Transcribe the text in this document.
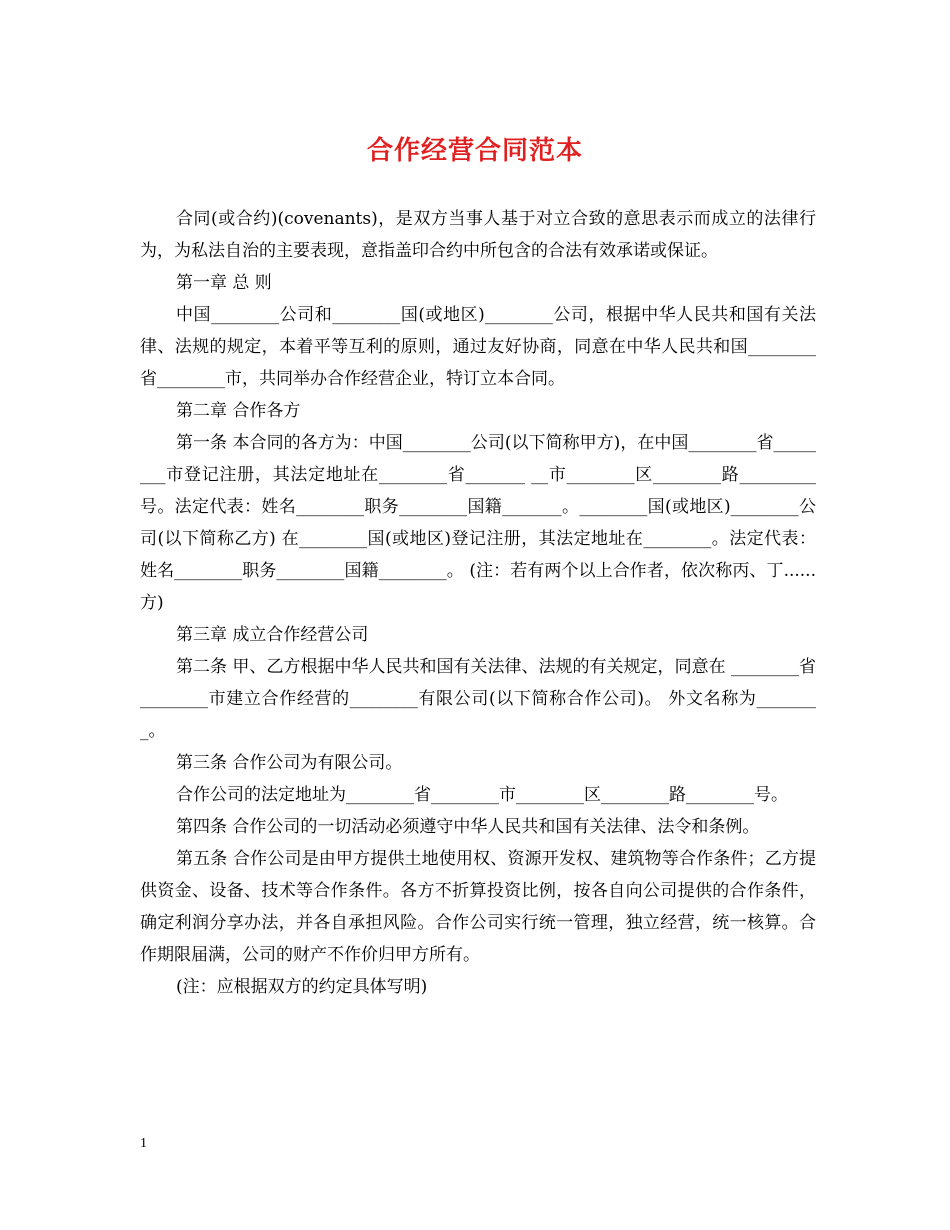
合作经营合同范本

合同(或合约)(covenants)，是双方当事人基于对立合致的意思表示而成立的法律行为，为私法自治的主要表现，意指盖印合约中所包含的合法有效承诺或保证。

第一章 总 则

中国________公司和________国(或地区)________公司，根据中华人民共和国有关法律、法规的规定，本着平等互利的原则，通过友好协商，同意在中华人民共和国________省________市，共同举办合作经营企业，特订立本合同。

第二章 合作各方

第一条 本合同的各方为：中国________公司(以下简称甲方)，在中国________省________市登记注册，其法定地址在________省_______ __市________区________路_________号。法定代表：姓名________职务________国籍_______。________国(或地区)________公司(以下简称乙方) 在________国(或地区)登记注册，其法定地址在________。法定代表：姓名________职务________国籍________。 (注：若有两个以上合作者，依次称丙、丁......方)

第三章 成立合作经营公司

第二条 甲、乙方根据中华人民共和国有关法律、法规的有关规定，同意在 ________省________市建立合作经营的________有限公司(以下简称合作公司)。 外文名称为________。

第三条 合作公司为有限公司。

合作公司的法定地址为________省________市________区________路________号。

第四条 合作公司的一切活动必须遵守中华人民共和国有关法律、法令和条例。

第五条 合作公司是由甲方提供土地使用权、资源开发权、建筑物等合作条件；乙方提供资金、设备、技术等合作条件。各方不折算投资比例，按各自向公司提供的合作条件，确定利润分享办法，并各自承担风险。合作公司实行统一管理，独立经营，统一核算。合作期限届满，公司的财产不作价归甲方所有。

(注：应根据双方的约定具体写明)

1
